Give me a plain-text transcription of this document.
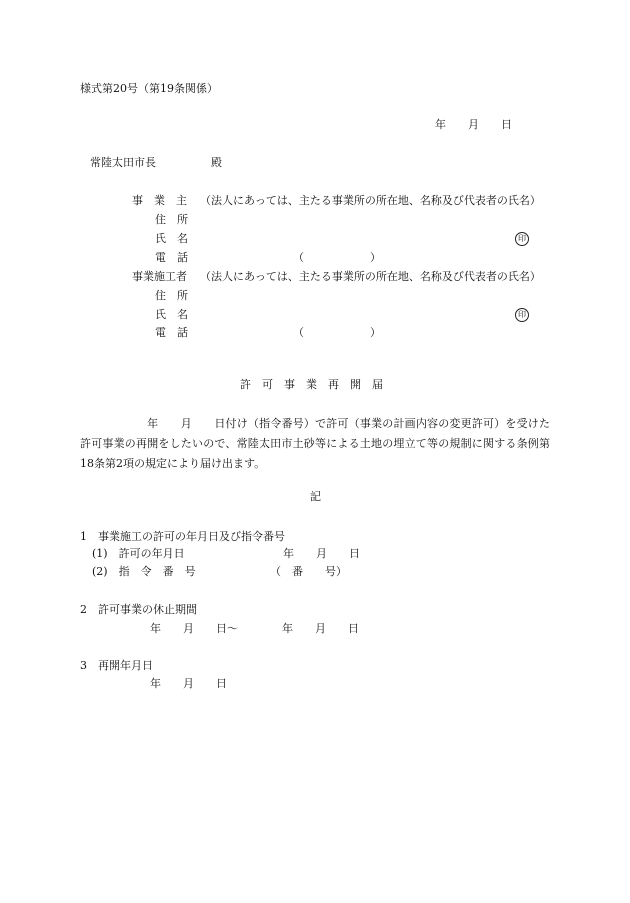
様式第20号（第19条関係）
年　　月　　日
常陸太田市長　　　　　殿
事　業　主 （法人にあっては、主たる事業所の所在地、名称及び代表者の氏名）
住　所
氏　名	印
電　話	（　　　　　　）
事業施工者 （法人にあっては、主たる事業所の所在地、名称及び代表者の氏名）
住　所
氏　名	印
電　話	（　　　　　　）
許　可　事　業　再　開　届
　　　　　　年　　月　　日付け（指令番号）で許可（事業の計画内容の変更許可）を受けた許可事業の再開をしたいので、常陸太田市土砂等による土地の埋立て等の規制に関する条例第18条第2項の規定により届け出ます。
記
1　事業施工の許可の年月日及び指令番号
(1)　許可の年月日	年　　月　　日
(2)　指　令　番　号	（　番　　号）
2　許可事業の休止期間
年　　月　　日～　　　　年　　月　　日
3　再開年月日
年　　月　　日
